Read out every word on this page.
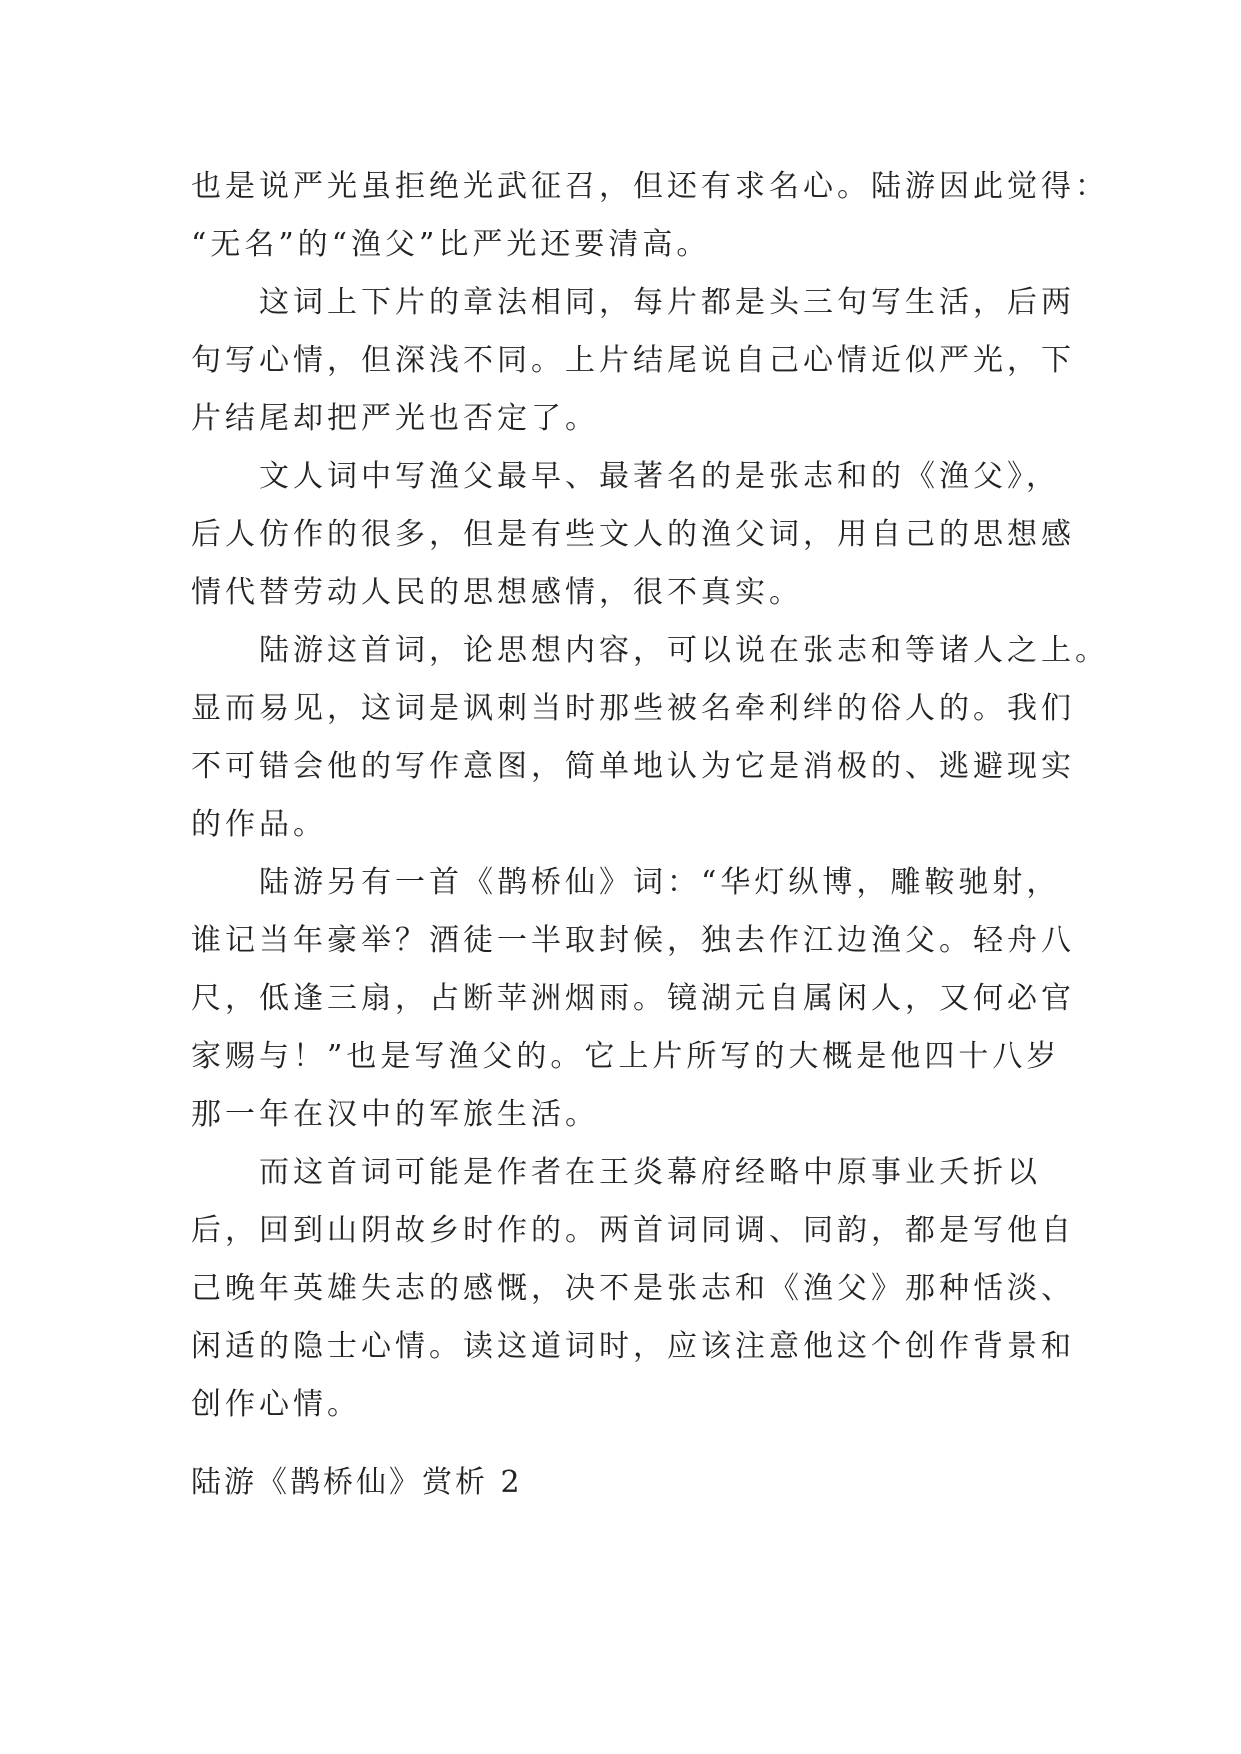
也是说严光虽拒绝光武征召，但还有求名心。陆游因此觉得：
“无名”的“渔父”比严光还要清高。
这词上下片的章法相同，每片都是头三句写生活，后两
句写心情，但深浅不同。上片结尾说自己心情近似严光，下
片结尾却把严光也否定了。
文人词中写渔父最早、最著名的是张志和的《渔父》，
后人仿作的很多，但是有些文人的渔父词，用自己的思想感
情代替劳动人民的思想感情，很不真实。
陆游这首词，论思想内容，可以说在张志和等诸人之上。
显而易见，这词是讽刺当时那些被名牵利绊的俗人的。我们
不可错会他的写作意图，简单地认为它是消极的、逃避现实
的作品。
陆游另有一首《鹊桥仙》词：“华灯纵博，雕鞍驰射，
谁记当年豪举？酒徒一半取封候，独去作江边渔父。轻舟八
尺，低逢三扇，占断苹洲烟雨。镜湖元自属闲人，又何必官
家赐与！”也是写渔父的。它上片所写的大概是他四十八岁
那一年在汉中的军旅生活。
而这首词可能是作者在王炎幕府经略中原事业夭折以
后，回到山阴故乡时作的。两首词同调、同韵，都是写他自
己晚年英雄失志的感慨，决不是张志和《渔父》那种恬淡、
闲适的隐士心情。读这道词时，应该注意他这个创作背景和
创作心情。
陆游《鹊桥仙》赏析 2
